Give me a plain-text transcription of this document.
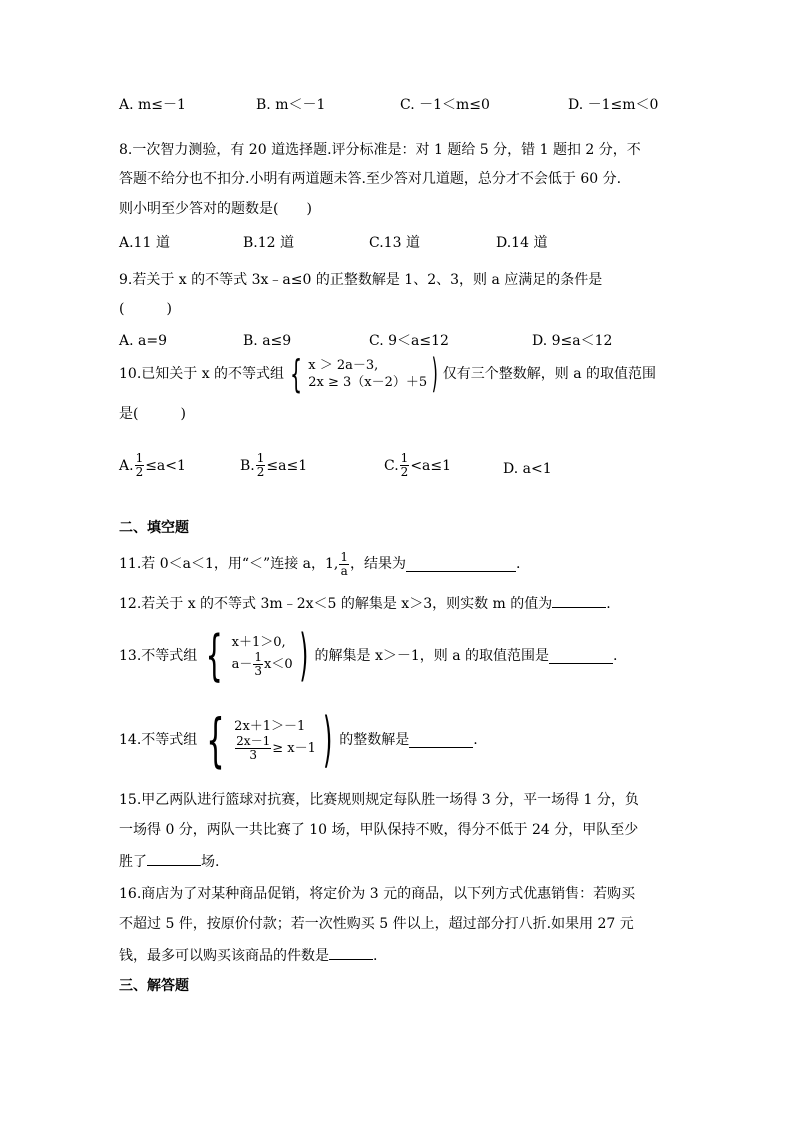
A. m≤－1	B. m＜－1	C. －1＜m≤0	D. －1≤m＜0
8.一次智力测验，有 20 道选择题.评分标准是：对 1 题给 5 分，错 1 题扣 2 分，不
答题不给分也不扣分.小明有两道题未答.至少答对几道题，总分才不会低于 60 分.
则小明至少答对的题数是(　　)
A.11 道	B.12 道	C.13 道	D.14 道
9.若关于 x 的不等式 3x﹣a≤0 的正整数解是 1、2、3，则 a 应满足的条件是
(　　　)
A. a=9	B. a≤9	C. 9＜a≤12	D. 9≤a＜12
10.已知关于 x 的不等式组 { x ＞ 2a－3,
2x ≥ 3（x－2）＋5 ) 仅有三个整数解，则 a 的取值范围
是(　　　)
A. $\frac{1}{2} \le a<1$	B. $\frac{1}{2} \le a\le 1$	C. $\frac{1}{2} <a\le 1$	D. a<1
二、填空题
11.若 0＜a＜1，用“＜”连接 a，1, $\frac{1}{a}$ ，结果为	.
12.若关于 x 的不等式 3m﹣2x＜5 的解集是 x＞3，则实数 m 的值为	.
13.不等式组 { x＋1＞0,
$a- \frac{1}{3} x<0$ ) 的解集是 x＞－1，则 a 的取值范围是	.
14.不等式组 { 2x＋1＞－1
$\frac{2x-1}{3} \ge x-1$ ) 的整数解是	.
15.甲乙两队进行篮球对抗赛，比赛规则规定每队胜一场得 3 分，平一场得 1 分，负
一场得 0 分，两队一共比赛了 10 场，甲队保持不败，得分不低于 24 分，甲队至少
胜了	场.
16.商店为了对某种商品促销，将定价为 3 元的商品，以下列方式优惠销售：若购买
不超过 5 件，按原价付款；若一次性购买 5 件以上，超过部分打八折.如果用 27 元
钱，最多可以购买该商品的件数是	.
三、解答题
